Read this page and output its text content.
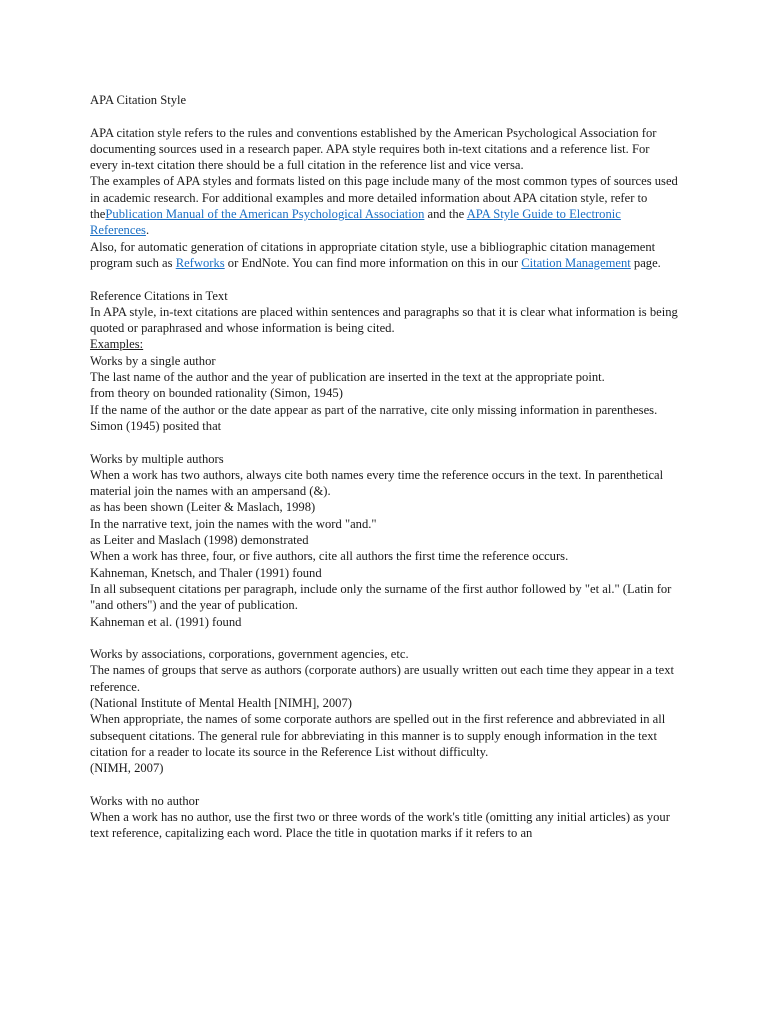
APA Citation Style

APA citation style refers to the rules and conventions established by the American Psychological Association for documenting sources used in a research paper. APA style requires both in-text citations and a reference list. For every in-text citation there should be a full citation in the reference list and vice versa.

The examples of APA styles and formats listed on this page include many of the most common types of sources used in academic research. For additional examples and more detailed information about APA citation style, refer to thePublication Manual of the American Psychological Association and the APA Style Guide to Electronic References.

Also, for automatic generation of citations in appropriate citation style, use a bibliographic citation management program such as Refworks or EndNote. You can find more information on this in our Citation Management page.

Reference Citations in Text

In APA style, in-text citations are placed within sentences and paragraphs so that it is clear what information is being quoted or paraphrased and whose information is being cited.

Examples:

Works by a single author

The last name of the author and the year of publication are inserted in the text at the appropriate point.

from theory on bounded rationality (Simon, 1945)

If the name of the author or the date appear as part of the narrative, cite only missing information in parentheses.

Simon (1945) posited that

Works by multiple authors

When a work has two authors, always cite both names every time the reference occurs in the text. In parenthetical material join the names with an ampersand (&).

as has been shown (Leiter & Maslach, 1998)

In the narrative text, join the names with the word "and."

as Leiter and Maslach (1998) demonstrated

When a work has three, four, or five authors, cite all authors the first time the reference occurs.

Kahneman, Knetsch, and Thaler (1991) found

In all subsequent citations per paragraph, include only the surname of the first author followed by "et al." (Latin for "and others") and the year of publication.

Kahneman et al. (1991) found

Works by associations, corporations, government agencies, etc.

The names of groups that serve as authors (corporate authors) are usually written out each time they appear in a text reference.

(National Institute of Mental Health [NIMH], 2007)

When appropriate, the names of some corporate authors are spelled out in the first reference and abbreviated in all subsequent citations. The general rule for abbreviating in this manner is to supply enough information in the text citation for a reader to locate its source in the Reference List without difficulty.

(NIMH, 2007)

Works with no author

When a work has no author, use the first two or three words of the work's title (omitting any initial articles) as your text reference, capitalizing each word. Place the title in quotation marks if it refers to an
